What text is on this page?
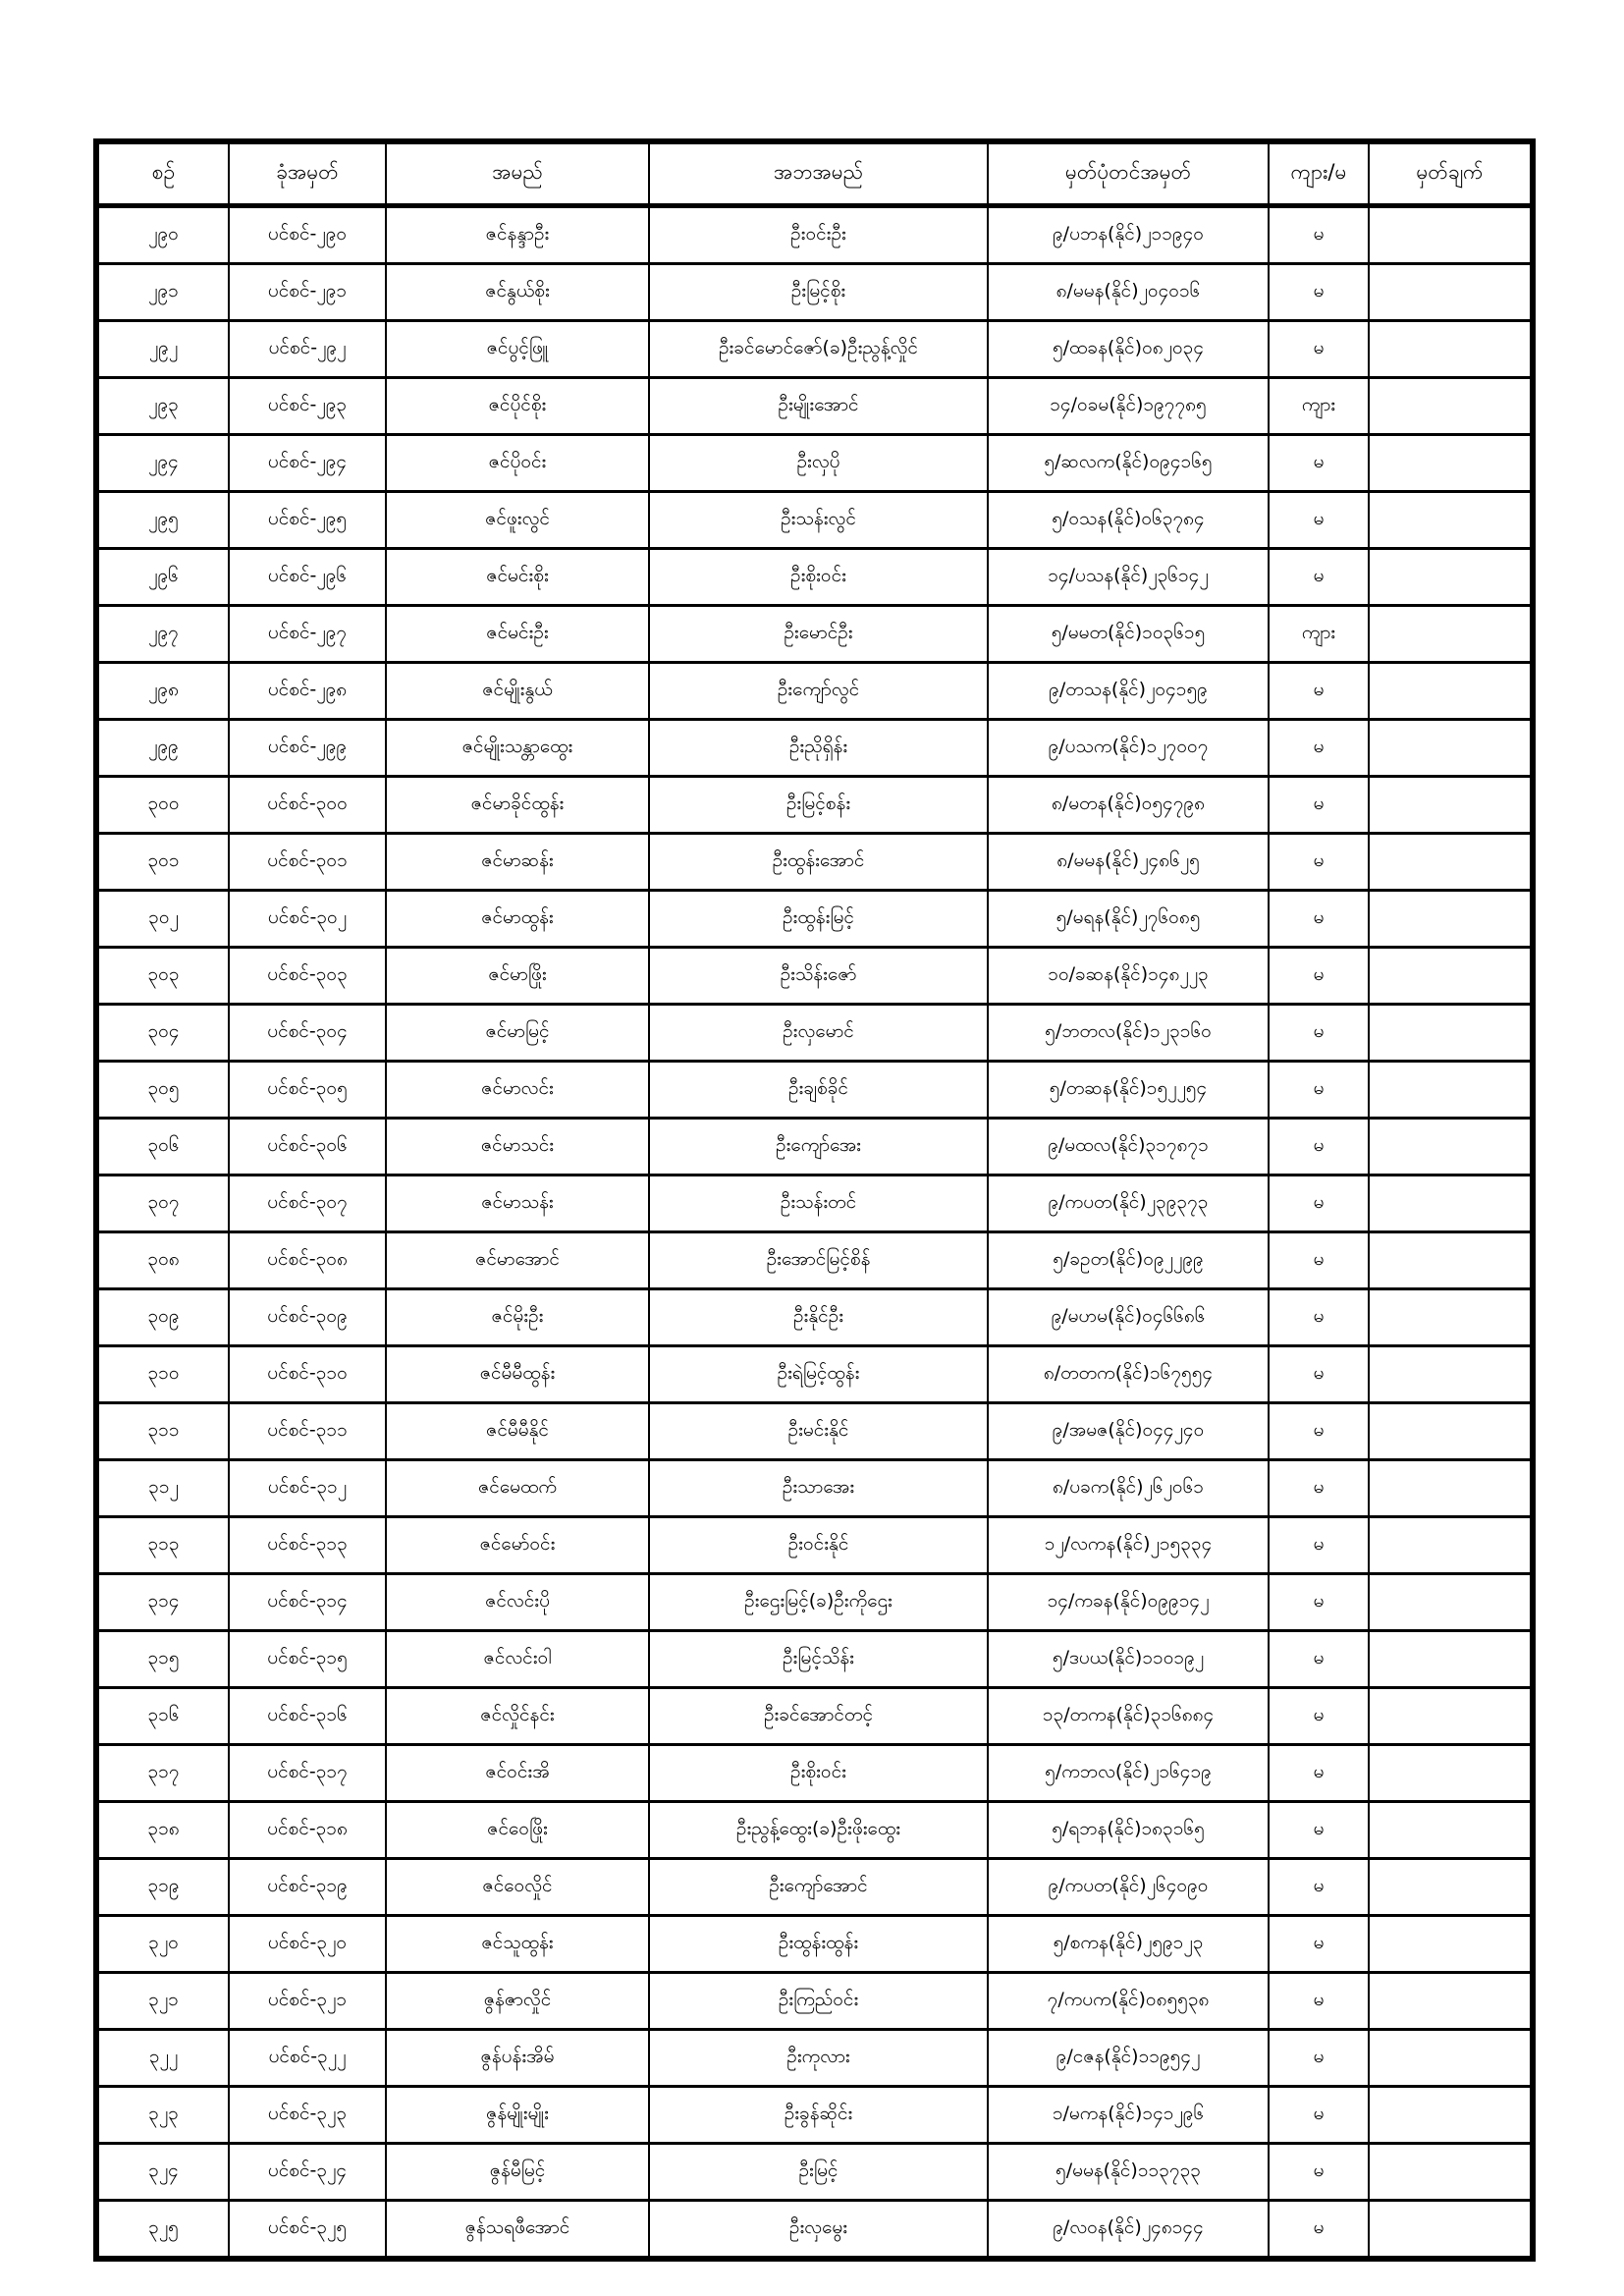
စဉ်	ခုံအမှတ်	အမည်	အဘအမည်	မှတ်ပုံတင်အမှတ်	ကျား/မ	မှတ်ချက်
၂၉၀	ပင်စင်-၂၉၀	ဇင်နန္ဒာဦး	ဦးဝင်းဦး	၉/ပဘန(နိုင်)၂၁၁၉၄၀	မ	
၂၉၁	ပင်စင်-၂၉၁	ဇင်နွယ်စိုး	ဦးမြင့်စိုး	၈/မမန(နိုင်)၂၀၄၀၁၆	မ	
၂၉၂	ပင်စင်-၂၉၂	ဇင်ပွင့်ဖြူ	ဦးခင်မောင်ဇော်(ခ)ဦးညွန့်လှိုင်	၅/ထခန(နိုင်)၀၈၂၀၃၄	မ	
၂၉၃	ပင်စင်-၂၉၃	ဇင်ပိုင်စိုး	ဦးမျိုးအောင်	၁၄/ဝခမ(နိုင်)၁၉၇၇၈၅	ကျား	
၂၉၄	ပင်စင်-၂၉၄	ဇင်ပိုဝင်း	ဦးလှပို	၅/ဆလက(နိုင်)၀၉၄၁၆၅	မ	
၂၉၅	ပင်စင်-၂၉၅	ဇင်ဖူးလွင်	ဦးသန်းလွင်	၅/ဝသန(နိုင်)၀၆၃၇၈၄	မ	
၂၉၆	ပင်စင်-၂၉၆	ဇင်မင်းစိုး	ဦးစိုးဝင်း	၁၄/ပသန(နိုင်)၂၃၆၁၄၂	မ	
၂၉၇	ပင်စင်-၂၉၇	ဇင်မင်းဦး	ဦးမောင်ဦး	၅/မမတ(နိုင်)၁၀၃၆၁၅	ကျား	
၂၉၈	ပင်စင်-၂၉၈	ဇင်မျိုးနွယ်	ဦးကျော်လွင်	၉/တသန(နိုင်)၂၀၄၁၅၉	မ	
၂၉၉	ပင်စင်-၂၉၉	ဇင်မျိုးသန္တာထွေး	ဦးညိုရှိန်း	၉/ပသက(နိုင်)၁၂၇၀၀၇	မ	
၃၀၀	ပင်စင်-၃၀၀	ဇင်မာခိုင်ထွန်း	ဦးမြင့်စန်း	၈/မတန(နိုင်)၀၅၄၇၉၈	မ	
၃၀၁	ပင်စင်-၃၀၁	ဇင်မာဆန်း	ဦးထွန်းအောင်	၈/မမန(နိုင်)၂၄၈၆၂၅	မ	
၃၀၂	ပင်စင်-၃၀၂	ဇင်မာထွန်း	ဦးထွန်းမြင့်	၅/မရန(နိုင်)၂၇၆၀၈၅	မ	
၃၀၃	ပင်စင်-၃၀၃	ဇင်မာဖြိုး	ဦးသိန်းဇော်	၁၀/ခဆန(နိုင်)၁၄၈၂၂၃	မ	
၃၀၄	ပင်စင်-၃၀၄	ဇင်မာမြင့်	ဦးလှမောင်	၅/ဘတလ(နိုင်)၁၂၃၁၆၀	မ	
၃၀၅	ပင်စင်-၃၀၅	ဇင်မာလင်း	ဦးချစ်ခိုင်	၅/တဆန(နိုင်)၁၅၂၂၅၄	မ	
၃၀၆	ပင်စင်-၃၀၆	ဇင်မာသင်း	ဦးကျော်အေး	၉/မထလ(နိုင်)၃၁၇၈၇၁	မ	
၃၀၇	ပင်စင်-၃၀၇	ဇင်မာသန်း	ဦးသန်းတင်	၉/ကပတ(နိုင်)၂၃၉၃၇၃	မ	
၃၀၈	ပင်စင်-၃၀၈	ဇင်မာအောင်	ဦးအောင်မြင့်စိန်	၅/ခဥတ(နိုင်)၀၉၂၂၉၉	မ	
၃၀၉	ပင်စင်-၃၀၉	ဇင်မိုးဦး	ဦးနိုင်ဦး	၉/မဟမ(နိုင်)၀၄၆၆၈၆	မ	
၃၁၀	ပင်စင်-၃၁၀	ဇင်မီမီထွန်း	ဦးရဲမြင့်ထွန်း	၈/တတက(နိုင်)၁၆၇၅၅၄	မ	
၃၁၁	ပင်စင်-၃၁၁	ဇင်မီမီနိုင်	ဦးမင်းနိုင်	၉/အမဇ(နိုင်)၀၄၄၂၄၀	မ	
၃၁၂	ပင်စင်-၃၁၂	ဇင်မေထက်	ဦးသာအေး	၈/ပခက(နိုင်)၂၆၂၀၆၁	မ	
၃၁၃	ပင်စင်-၃၁၃	ဇင်မော်ဝင်း	ဦးဝင်းနိုင်	၁၂/လကန(နိုင်)၂၁၅၃၃၄	မ	
၃၁၄	ပင်စင်-၃၁၄	ဇင်လင်းပို	ဦးဌေးမြင့်(ခ)ဦးကိုဌေး	၁၄/ကခန(နိုင်)၀၉၉၁၄၂	မ	
၃၁၅	ပင်စင်-၃၁၅	ဇင်လင်းဝါ	ဦးမြင့်သိန်း	၅/ဒပယ(နိုင်)၁၁၀၁၉၂	မ	
၃၁၆	ပင်စင်-၃၁၆	ဇင်လှိုင်နင်း	ဦးခင်အောင်တင့်	၁၃/တကန(နိုင်)၃၁၆၈၈၄	မ	
၃၁၇	ပင်စင်-၃၁၇	ဇင်ဝင်းအိ	ဦးစိုးဝင်း	၅/ကဘလ(နိုင်)၂၁၆၄၁၉	မ	
၃၁၈	ပင်စင်-၃၁၈	ဇင်ဝေဖြိုး	ဦးညွန့်ထွေး(ခ)ဦးဖိုးထွေး	၅/ရဘန(နိုင်)၁၈၃၁၆၅	မ	
၃၁၉	ပင်စင်-၃၁၉	ဇင်ဝေလှိုင်	ဦးကျော်အောင်	၉/ကပတ(နိုင်)၂၆၄၀၉၀	မ	
၃၂၀	ပင်စင်-၃၂၀	ဇင်သူထွန်း	ဦးထွန်းထွန်း	၅/စကန(နိုင်)၂၅၉၁၂၃	မ	
၃၂၁	ပင်စင်-၃၂၁	ဇွန်ဇာလှိုင်	ဦးကြည်ဝင်း	၇/ကပက(နိုင်)၀၈၅၅၃၈	မ	
၃၂၂	ပင်စင်-၃၂၂	ဇွန်ပန်းအိမ်	ဦးကုလား	၉/ငဇန(နိုင်)၁၁၉၅၄၂	မ	
၃၂၃	ပင်စင်-၃၂၃	ဇွန်မျိုးမျိုး	ဦးခွန်ဆိုင်း	၁/မကန(နိုင်)၁၄၁၂၉၆	မ	
၃၂၄	ပင်စင်-၃၂၄	ဇွန်မီမြင့်	ဦးမြင့်	၅/မမန(နိုင်)၁၁၃၇၃၃	မ	
၃၂၅	ပင်စင်-၃၂၅	ဇွန်သရဖီအောင်	ဦးလှမွေး	၉/လဝန(နိုင်)၂၄၈၁၄၄	မ	
